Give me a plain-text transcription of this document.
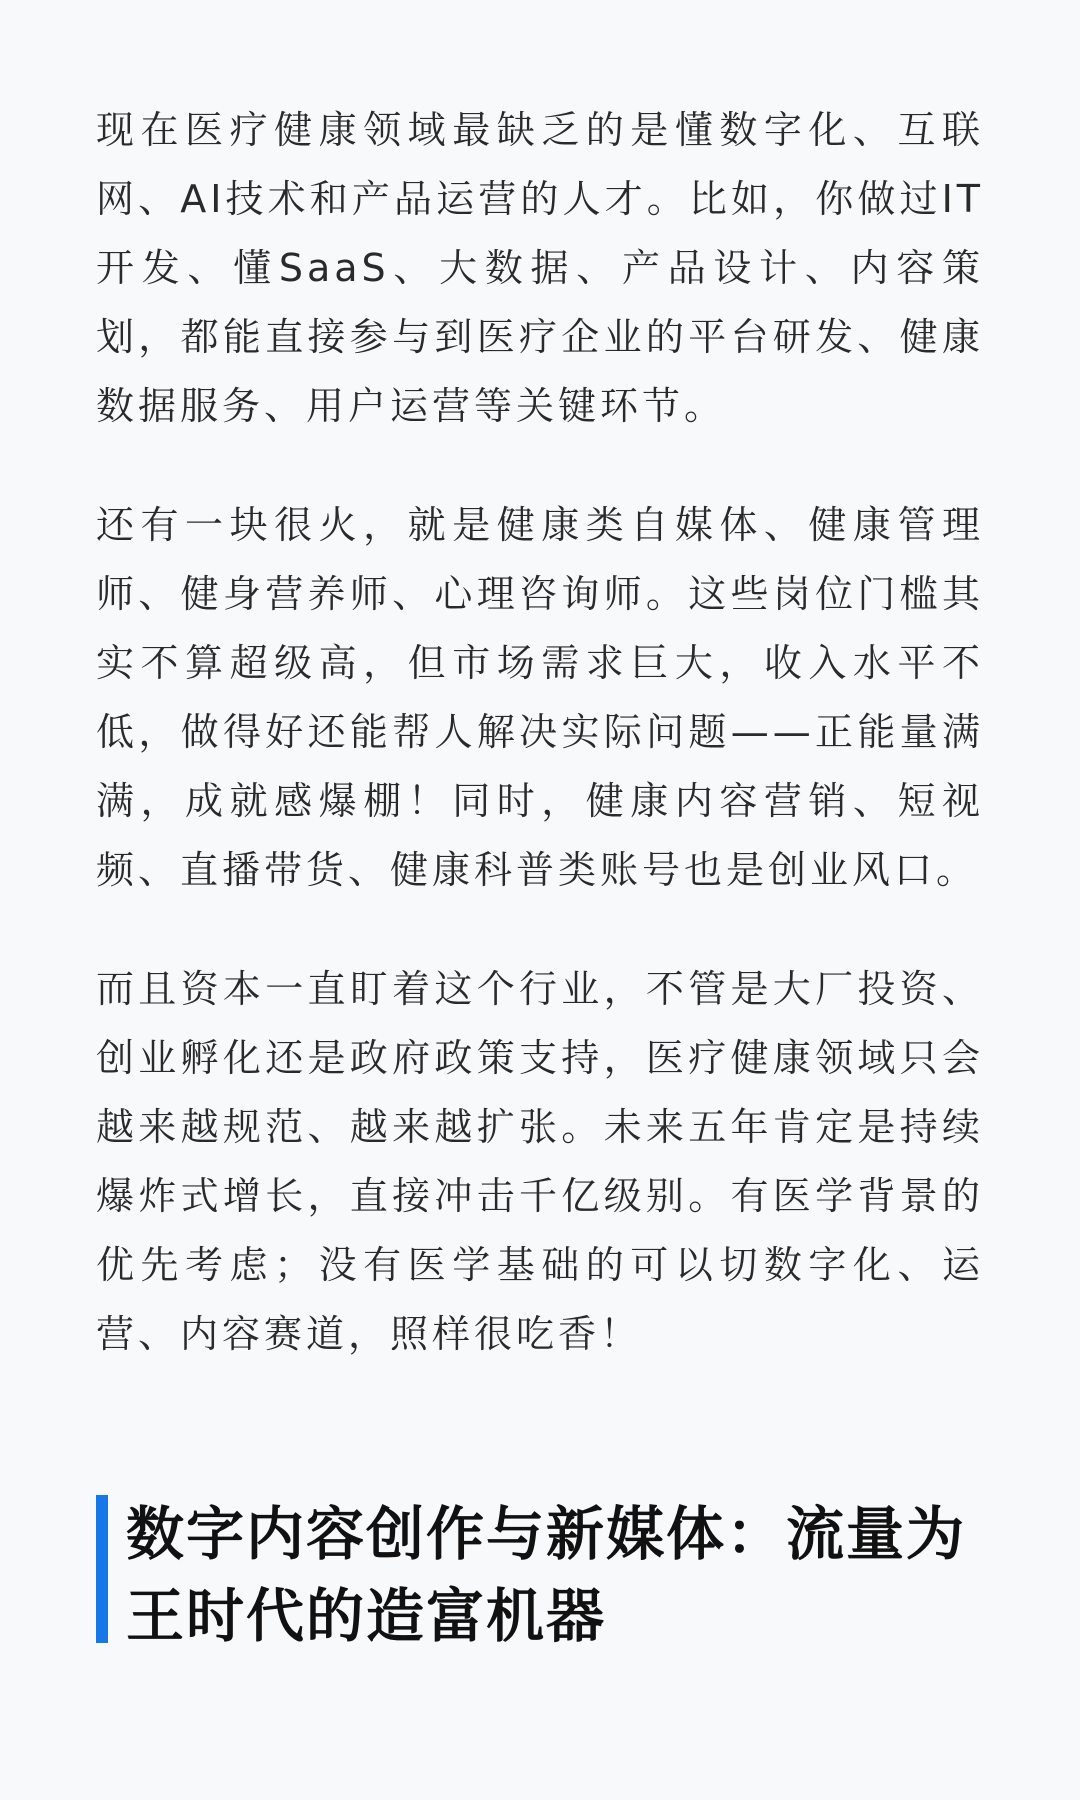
现在医疗健康领域最缺乏的是懂数字化、互联网、AI技术和产品运营的人才。比如，你做过IT开发、懂SaaS、大数据、产品设计、内容策划，都能直接参与到医疗企业的平台研发、健康数据服务、用户运营等关键环节。

还有一块很火，就是健康类自媒体、健康管理师、健身营养师、心理咨询师。这些岗位门槛其实不算超级高，但市场需求巨大，收入水平不低，做得好还能帮人解决实际问题——正能量满满，成就感爆棚！同时，健康内容营销、短视频、直播带货、健康科普类账号也是创业风口。

而且资本一直盯着这个行业，不管是大厂投资、创业孵化还是政府政策支持，医疗健康领域只会越来越规范、越来越扩张。未来五年肯定是持续爆炸式增长，直接冲击千亿级别。有医学背景的优先考虑；没有医学基础的可以切数字化、运营、内容赛道，照样很吃香！

数字内容创作与新媒体：流量为王时代的造富机器
